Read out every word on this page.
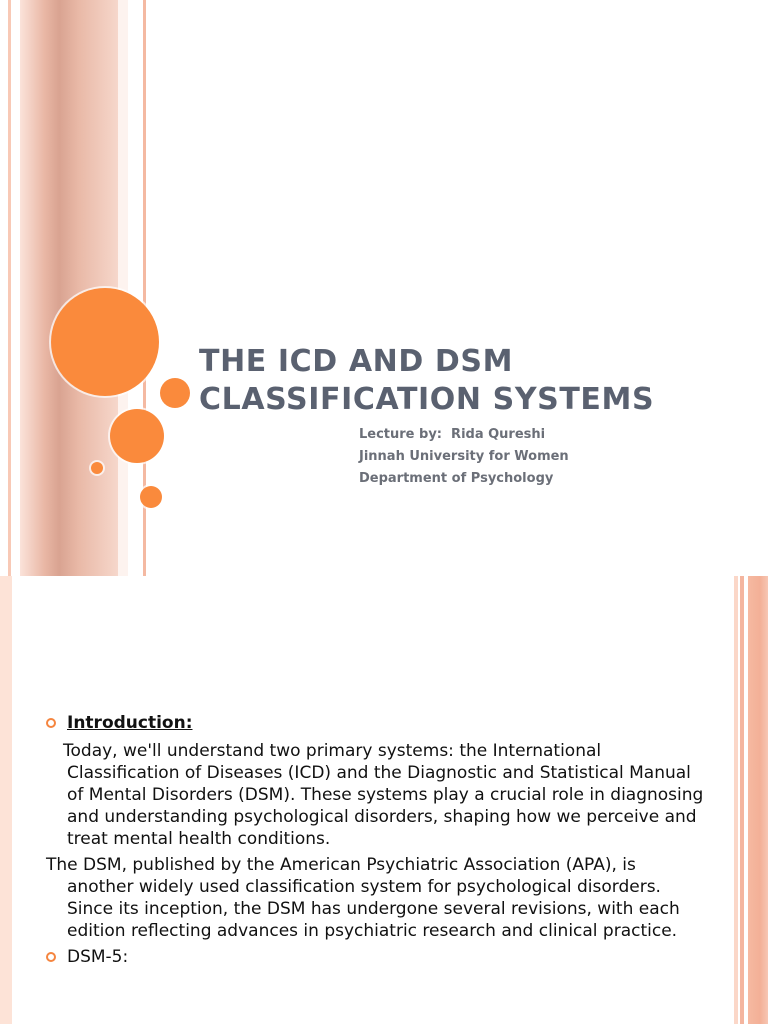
THE ICD AND DSM
CLASSIFICATION SYSTEMS
Lecture by:  Rida Qureshi
Jinnah University for Women
Department of Psychology
Introduction:
Today, we'll understand two primary systems: the International Classification of Diseases (ICD) and the Diagnostic and Statistical Manual of Mental Disorders (DSM). These systems play a crucial role in diagnosing and understanding psychological disorders, shaping how we perceive and treat mental health conditions.
The DSM, published by the American Psychiatric Association (APA), is another widely used classification system for psychological disorders. Since its inception, the DSM has undergone several revisions, with each edition reflecting advances in psychiatric research and clinical practice.
DSM-5:
